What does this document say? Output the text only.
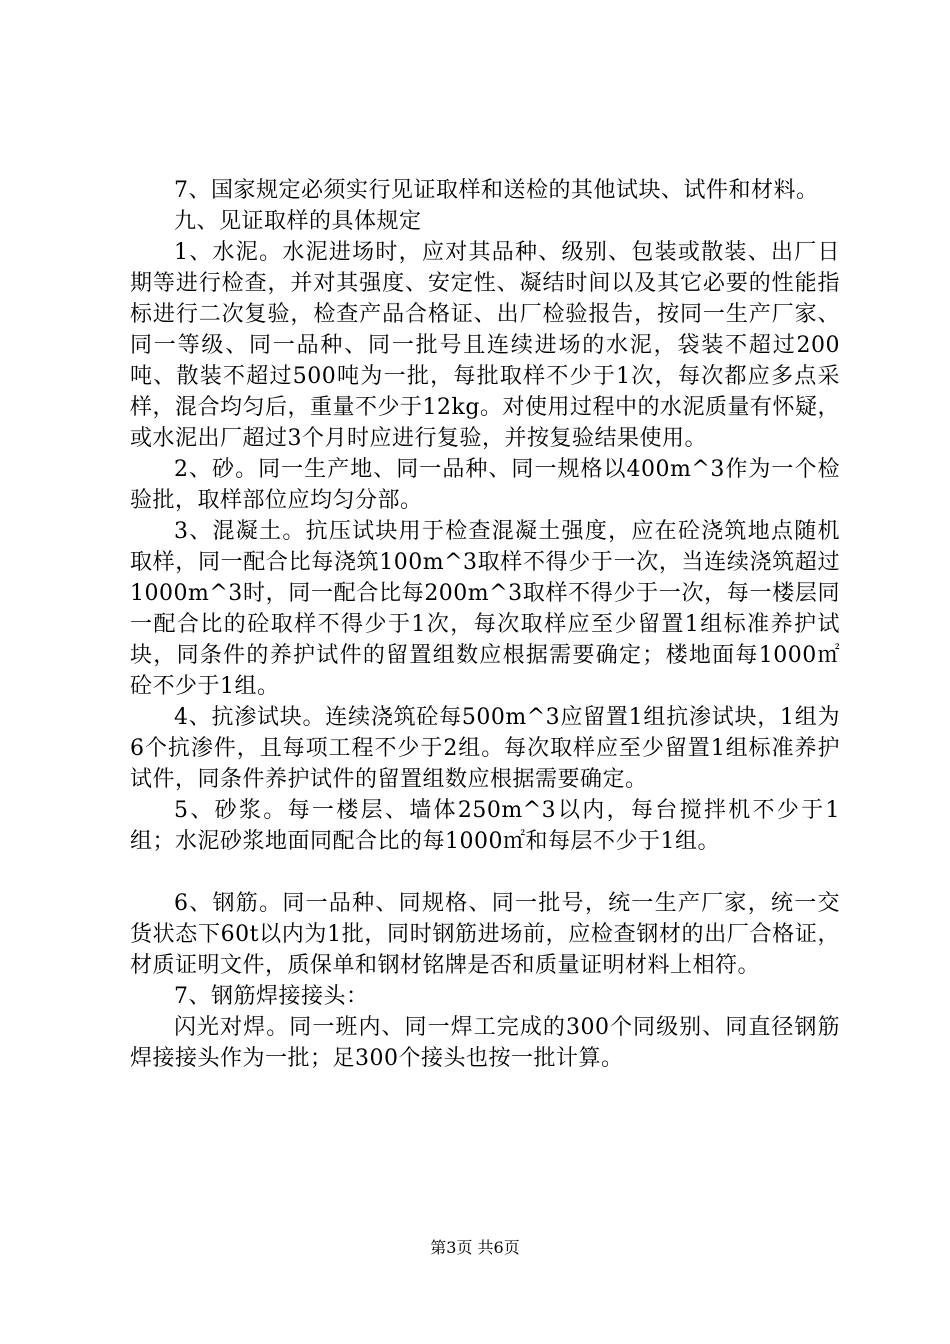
7、国家规定必须实行见证取样和送检的其他试块、试件和材料。

九、见证取样的具体规定

1、水泥。水泥进场时，应对其品种、级别、包装或散装、出厂日期等进行检查，并对其强度、安定性、凝结时间以及其它必要的性能指标进行二次复验，检查产品合格证、出厂检验报告，按同一生产厂家、同一等级、同一品种、同一批号且连续进场的水泥，袋装不超过200吨、散装不超过500吨为一批，每批取样不少于1次，每次都应多点采样，混合均匀后，重量不少于12kg。对使用过程中的水泥质量有怀疑，或水泥出厂超过3个月时应进行复验，并按复验结果使用。

2、砂。同一生产地、同一品种、同一规格以400m^3作为一个检验批，取样部位应均匀分部。

3、混凝土。抗压试块用于检查混凝土强度，应在砼浇筑地点随机取样，同一配合比每浇筑100m^3取样不得少于一次，当连续浇筑超过1000m^3时，同一配合比每200m^3取样不得少于一次，每一楼层同一配合比的砼取样不得少于1次，每次取样应至少留置1组标准养护试块，同条件的养护试件的留置组数应根据需要确定；楼地面每1000㎡砼不少于1组。

4、抗渗试块。连续浇筑砼每500m^3应留置1组抗渗试块，1组为6个抗渗件，且每项工程不少于2组。每次取样应至少留置1组标准养护试件，同条件养护试件的留置组数应根据需要确定。

5、砂浆。每一楼层、墙体250m^3以内，每台搅拌机不少于1组；水泥砂浆地面同配合比的每1000㎡和每层不少于1组。

6、钢筋。同一品种、同规格、同一批号，统一生产厂家，统一交货状态下60t以内为1批，同时钢筋进场前，应检查钢材的出厂合格证，材质证明文件，质保单和钢材铭牌是否和质量证明材料上相符。

7、钢筋焊接接头：

闪光对焊。同一班内、同一焊工完成的300个同级别、同直径钢筋焊接接头作为一批；足300个接头也按一批计算。

第3页 共6页
